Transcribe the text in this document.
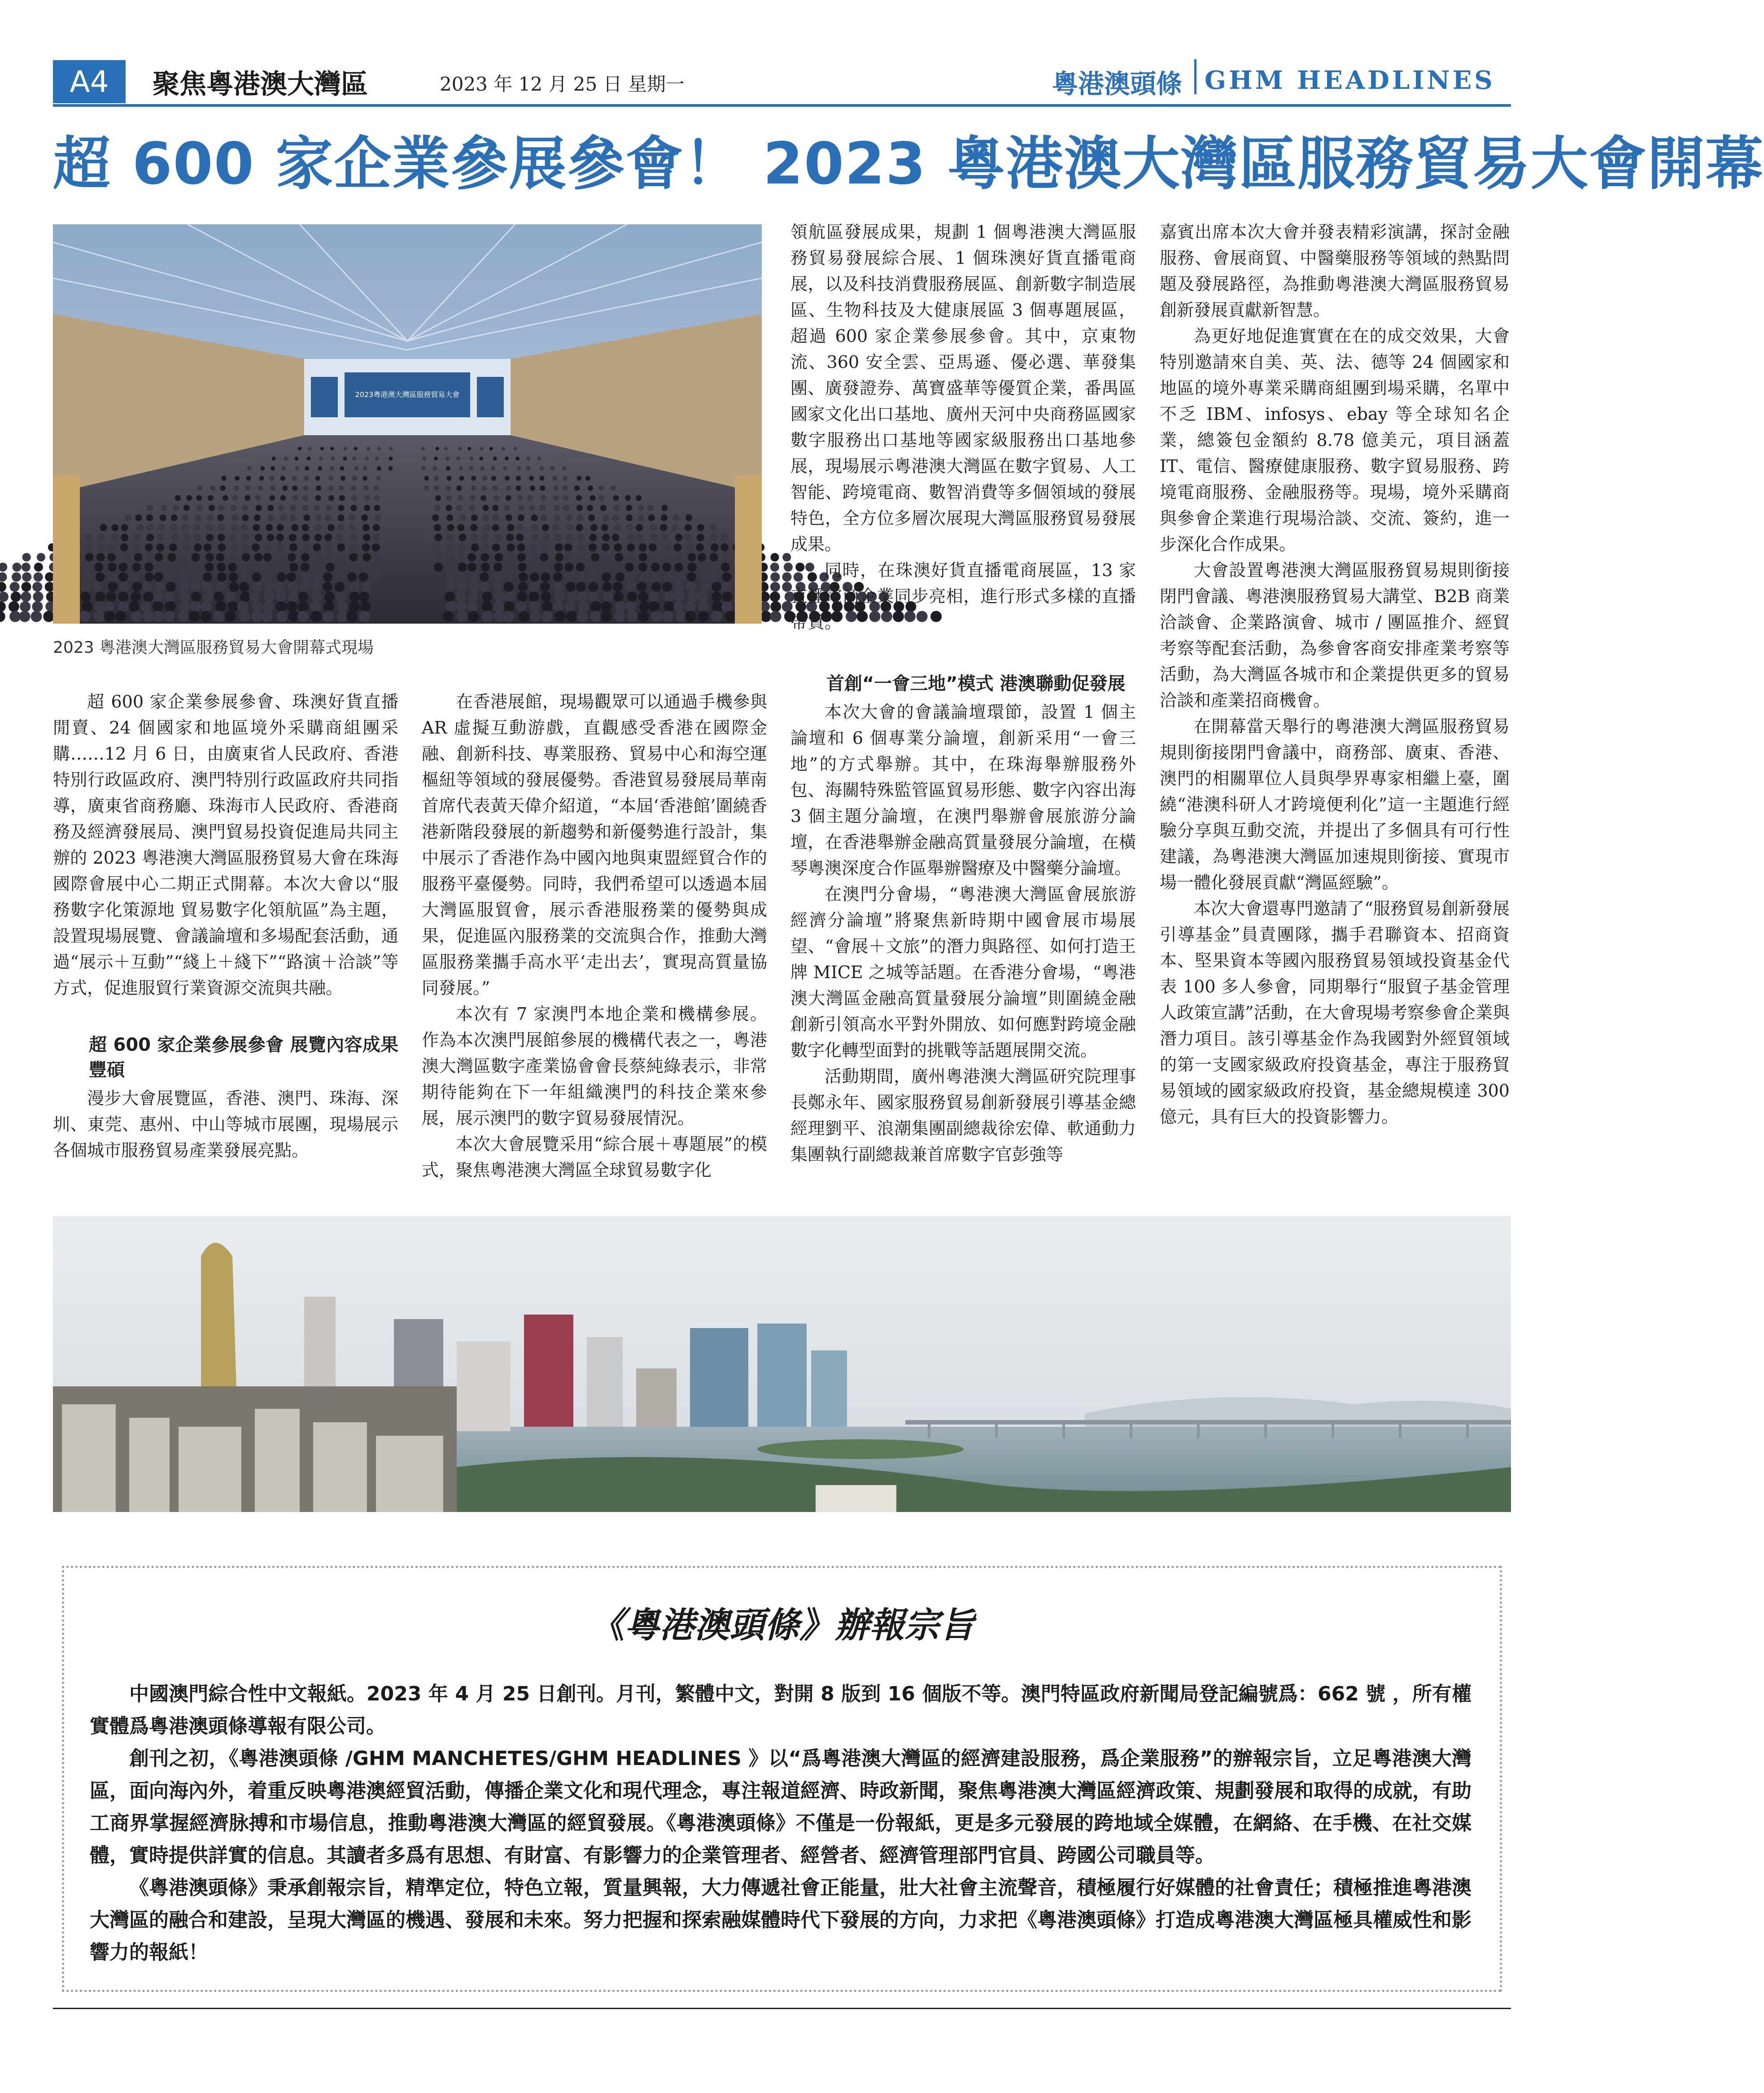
A4	聚焦粵港澳大灣區	2023 年 12 月 25 日 星期一	粵港澳頭條 GHM HEADLINES
超 600 家企業參展參會！ 2023 粵港澳大灣區服務貿易大會開幕
2023粵港澳大灣區服務貿易大會
2023 粵港澳大灣區服務貿易大會開幕式現場

超 600 家企業參展參會、珠澳好貨直播閒賣、24 個國家和地區境外采購商組團采購……12 月 6 日，由廣東省人民政府、香港特別行政區政府、澳門特別行政區政府共同指導，廣東省商務廳、珠海市人民政府、香港商務及經濟發展局、澳門貿易投資促進局共同主辦的 2023 粵港澳大灣區服務貿易大會在珠海國際會展中心二期正式開幕。本次大會以“服務數字化策源地 貿易數字化領航區”為主題，設置現場展覽、會議論壇和多場配套活動，通過“展示＋互動”“綫上＋綫下”“路演＋洽談”等方式，促進服貿行業資源交流與共融。

超 600 家企業參展參會 展覽內容成果豐碩

漫步大會展覽區，香港、澳門、珠海、深圳、東莞、惠州、中山等城市展團，現場展示各個城市服務貿易產業發展亮點。

在香港展館，現場觀眾可以通過手機參與 AR 虛擬互動游戲，直觀感受香港在國際金融、創新科技、專業服務、貿易中心和海空運樞紐等領域的發展優勢。香港貿易發展局華南首席代表黃天偉介紹道，“本屆‘香港館’圍繞香港新階段發展的新趨勢和新優勢進行設計，集中展示了香港作為中國內地與東盟經貿合作的服務平臺優勢。同時，我們希望可以透過本屆大灣區服貿會，展示香港服務業的優勢與成果，促進區內服務業的交流與合作，推動大灣區服務業攜手高水平‘走出去’，實現高質量協同發展。”

本次有 7 家澳門本地企業和機構參展。作為本次澳門展館參展的機構代表之一，粵港澳大灣區數字產業協會會長蔡純綠表示，非常期待能夠在下一年組織澳門的科技企業來參展，展示澳門的數字貿易發展情況。

本次大會展覽采用“綜合展＋專題展”的模式，聚焦粵港澳大灣區全球貿易數字化

領航區發展成果，規劃 1 個粵港澳大灣區服務貿易發展綜合展、1 個珠澳好貨直播電商展，以及科技消費服務展區、創新數字制造展區、生物科技及大健康展區 3 個專題展區，超過 600 家企業參展參會。其中，京東物流、360 安全雲、亞馬遜、優必選、華發集團、廣發證券、萬寶盛華等優質企業，番禺區國家文化出口基地、廣州天河中央商務區國家數字服務出口基地等國家級服務出口基地參展，現場展示粵港澳大灣區在數字貿易、人工智能、跨境電商、數智消費等多個領域的發展特色，全方位多層次展現大灣區服務貿易發展成果。

同時，在珠澳好貨直播電商展區，13 家直播電商企業同步亮相，進行形式多樣的直播帶貨。

首創“一會三地”模式 港澳聯動促發展

本次大會的會議論壇環節，設置 1 個主論壇和 6 個專業分論壇，創新采用“一會三地”的方式舉辦。其中，在珠海舉辦服務外包、海關特殊監管區貿易形態、數字內容出海 3 個主題分論壇，在澳門舉辦會展旅游分論壇，在香港舉辦金融高質量發展分論壇，在橫琴粵澳深度合作區舉辦醫療及中醫藥分論壇。

在澳門分會場，“粵港澳大灣區會展旅游經濟分論壇”將聚焦新時期中國會展市場展望、“會展＋文旅”的潛力與路徑、如何打造王牌 MICE 之城等話題。在香港分會場，“粵港澳大灣區金融高質量發展分論壇”則圍繞金融創新引領高水平對外開放、如何應對跨境金融數字化轉型面對的挑戰等話題展開交流。

活動期間，廣州粵港澳大灣區研究院理事長鄭永年、國家服務貿易創新發展引導基金總經理劉平、浪潮集團副總裁徐宏偉、軟通動力集團執行副總裁兼首席數字官彭強等

嘉賓出席本次大會并發表精彩演講，探討金融服務、會展商貿、中醫藥服務等領域的熱點問題及發展路徑，為推動粵港澳大灣區服務貿易創新發展貢獻新智慧。

為更好地促進實實在在的成交效果，大會特別邀請來自美、英、法、德等 24 個國家和地區的境外專業采購商組團到場采購，名單中不乏 IBM、infosys、ebay 等全球知名企業，總簽包金額約 8.78 億美元，項目涵蓋 IT、電信、醫療健康服務、數字貿易服務、跨境電商服務、金融服務等。現場，境外采購商與參會企業進行現場洽談、交流、簽約，進一步深化合作成果。

大會設置粵港澳大灣區服務貿易規則銜接閉門會議、粵港澳服務貿易大講堂、B2B 商業洽談會、企業路演會、城市 / 團區推介、經貿考察等配套活動，為參會客商安排產業考察等活動，為大灣區各城市和企業提供更多的貿易洽談和產業招商機會。

在開幕當天舉行的粵港澳大灣區服務貿易規則銜接閉門會議中，商務部、廣東、香港、澳門的相關單位人員與學界專家相繼上臺，圍繞“港澳科研人才跨境便利化”這一主題進行經驗分享與互動交流，并提出了多個具有可行性建議，為粵港澳大灣區加速規則銜接、實現市場一體化發展貢獻“灣區經驗”。

本次大會還專門邀請了“服務貿易創新發展引導基金”員責團隊，攜手君聯資本、招商資本、堅果資本等國內服務貿易領域投資基金代表 100 多人參會，同期舉行“服貿子基金管理人政策宣講”活動，在大會現場考察參會企業與潛力項目。該引導基金作為我國對外經貿領域的第一支國家級政府投資基金，專注于服務貿易領域的國家級政府投資，基金總規模達 300 億元，具有巨大的投資影響力。

《粵港澳頭條》辦報宗旨

中國澳門綜合性中文報紙。2023 年 4 月 25 日創刊。月刊，繁體中文，對開 8 版到 16 個版不等。澳門特區政府新聞局登記編號爲：662 號 ，所有權實體爲粵港澳頭條導報有限公司。

創刊之初，《粵港澳頭條 /GHM MANCHETES/GHM HEADLINES 》以“爲粵港澳大灣區的經濟建設服務，爲企業服務”的辦報宗旨，立足粵港澳大灣區，面向海內外，着重反映粵港澳經貿活動，傳播企業文化和現代理念，專注報道經濟、時政新聞，聚焦粵港澳大灣區經濟政策、規劃發展和取得的成就，有助工商界掌握經濟脉搏和市場信息，推動粵港澳大灣區的經貿發展。《粵港澳頭條》不僅是一份報紙，更是多元發展的跨地域全媒體，在網絡、在手機、在社交媒體，實時提供詳實的信息。其讀者多爲有思想、有財富、有影響力的企業管理者、經營者、經濟管理部門官員、跨國公司職員等。

《粵港澳頭條》秉承創報宗旨，精準定位，特色立報，質量興報，大力傳遞社會正能量，壯大社會主流聲音，積極履行好媒體的社會責任；積極推進粵港澳大灣區的融合和建設，呈現大灣區的機遇、發展和未來。努力把握和探索融媒體時代下發展的方向，力求把《粵港澳頭條》打造成粵港澳大灣區極具權威性和影響力的報紙！
